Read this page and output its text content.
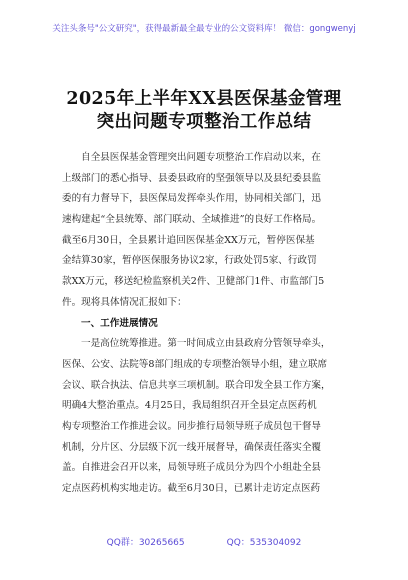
关注头条号"公文研究"，获得最新最全最专业的公文资料库！ 微信：gongwenyj
2025年上半年XX县医保基金管理
突出问题专项整治工作总结
自全县医保基金管理突出问题专项整治工作启动以来，在
上级部门的悉心指导、县委县政府的坚强领导以及县纪委县监
委的有力督导下，县医保局发挥牵头作用，协同相关部门，迅
速构建起“全县统筹、部门联动、全域推进”的良好工作格局。
截至6月30日，全县累计追回医保基金XX万元，暂停医保基
金结算30家，暂停医保服务协议2家，行政处罚5家、行政罚
款XX万元，移送纪检监察机关2件、卫健部门1件、市监部门5
件。现将具体情况汇报如下：
一、工作进展情况
一是高位统筹推进。第一时间成立由县政府分管领导牵头，
医保、公安、法院等8部门组成的专项整治领导小组，建立联席
会议、联合执法、信息共享三项机制。联合印发全县工作方案，
明确4大整治重点。4月25日，我局组织召开全县定点医药机
构专项整治工作推进会议。同步推行局领导班子成员包干督导
机制，分片区、分层级下沉一线开展督导，确保责任落实全覆
盖。自推进会召开以来，局领导班子成员分为四个小组赴全县
定点医药机构实地走访。截至6月30日，已累计走访定点医药
QQ群：30265665	QQ：535304092
